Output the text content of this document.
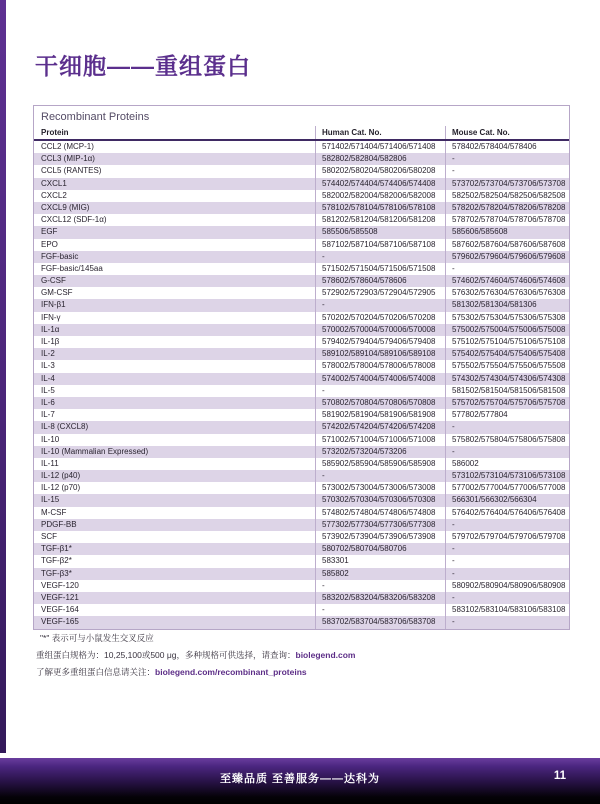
干细胞——重组蛋白
Recombinant Proteins
Protein	Human Cat. No.	Mouse Cat. No.
CCL2 (MCP-1)	571402/571404/571406/571408	578402/578404/578406
CCL3 (MIP-1α)	582802/582804/582806	-
CCL5 (RANTES)	580202/580204/580206/580208	-
CXCL1	574402/574404/574406/574408	573702/573704/573706/573708
CXCL2	582002/582004/582006/582008	582502/582504/582506/582508
CXCL9 (MIG)	578102/578104/578106/578108	578202/578204/578206/578208
CXCL12 (SDF-1α)	581202/581204/581206/581208	578702/578704/578706/578708
EGF	585506/585508	585606/585608
EPO	587102/587104/587106/587108	587602/587604/587606/587608
FGF-basic	-	579602/579604/579606/579608
FGF-basic/145aa	571502/571504/571506/571508	-
G-CSF	578602/578604/578606	574602/574604/574606/574608
GM-CSF	572902/572903/572904/572905	576302/576304/576306/576308
IFN-β1	-	581302/581304/581306
IFN-γ	570202/570204/570206/570208	575302/575304/575306/575308
IL-1α	570002/570004/570006/570008	575002/575004/575006/575008
IL-1β	579402/579404/579406/579408	575102/575104/575106/575108
IL-2	589102/589104/589106/589108	575402/575404/575406/575408
IL-3	578002/578004/578006/578008	575502/575504/575506/575508
IL-4	574002/574004/574006/574008	574302/574304/574306/574308
IL-5	-	581502/581504/581506/581508
IL-6	570802/570804/570806/570808	575702/575704/575706/575708
IL-7	581902/581904/581906/581908	577802/577804
IL-8 (CXCL8)	574202/574204/574206/574208	-
IL-10	571002/571004/571006/571008	575802/575804/575806/575808
IL-10 (Mammalian Expressed)	573202/573204/573206	-
IL-11	585902/585904/585906/585908	586002
IL-12 (p40)	-	573102/573104/573106/573108
IL-12 (p70)	573002/573004/573006/573008	577002/577004/577006/577008
IL-15	570302/570304/570306/570308	566301/566302/566304
M-CSF	574802/574804/574806/574808	576402/576404/576406/576408
PDGF-BB	577302/577304/577306/577308	-
SCF	573902/573904/573906/573908	579702/579704/579706/579708
TGF-β1*	580702/580704/580706	-
TGF-β2*	583301	-
TGF-β3*	585802	-
VEGF-120	-	580902/580904/580906/580908
VEGF-121	583202/583204/583206/583208	-
VEGF-164	-	583102/583104/583106/583108
VEGF-165	583702/583704/583706/583708	-
"*" 表示可与小鼠发生交叉反应
重组蛋白规格为：10,25,100或500 μg，多种规格可供选择，请查询：biolegend.com
了解更多重组蛋白信息请关注：biolegend.com/recombinant_proteins
至臻品质 至善服务——达科为	11
